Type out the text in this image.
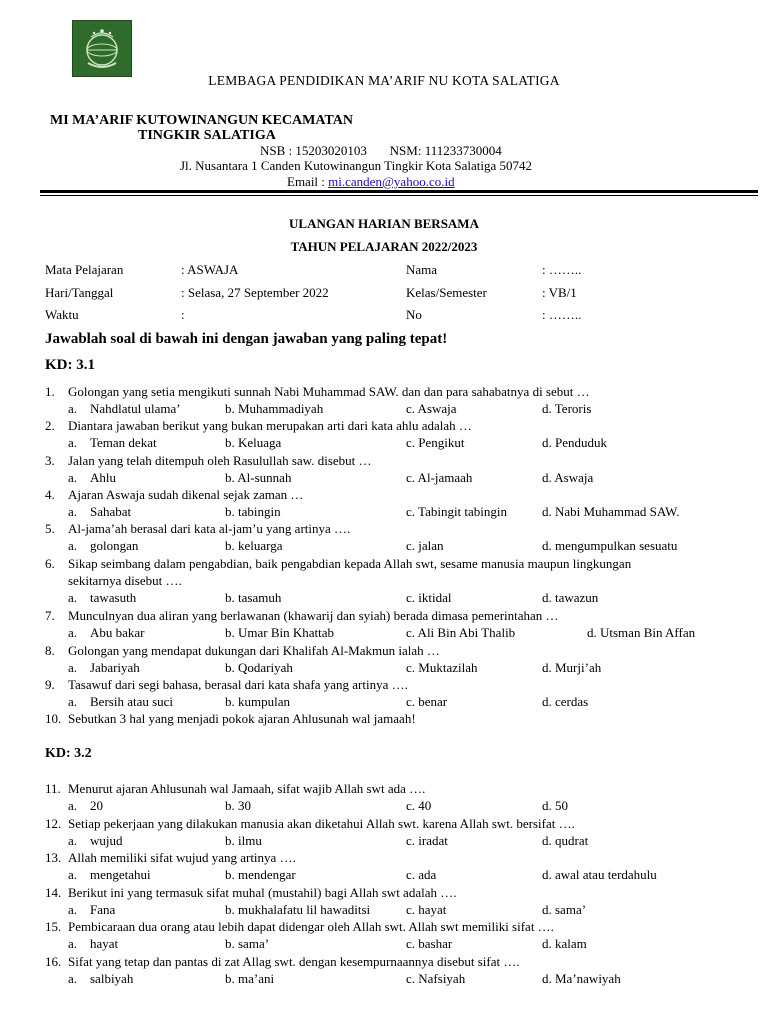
LEMBAGA PENDIDIKAN MA’ARIF NU KOTA SALATIGA
MI MA’ARIF KUTOWINANGUN KECAMATAN
TINGKIR SALATIGA
NSB : 15203020103       NSM: 111233730004
Jl. Nusantara 1 Canden Kutowinangun Tingkir Kota Salatiga 50742
Email : mi.canden@yahoo.co.id
ULANGAN HARIAN BERSAMA
TAHUN PELAJARAN 2022/2023
Mata Pelajaran	: ASWAJA	Nama	: ……..
Hari/Tanggal	: Selasa, 27 September 2022	Kelas/Semester	: VB/1
Waktu	:	No	: ……..
Jawablah soal di bawah ini dengan jawaban yang paling tepat!
KD: 3.1
KD: 3.2
1. Golongan yang setia mengikuti sunnah Nabi Muhammad SAW. dan dan para sahabatnya di sebut …
a. Nahdlatul ulama’	b. Muhammadiyah	c. Aswaja	d. Teroris
2. Diantara jawaban berikut yang bukan merupakan arti dari kata ahlu adalah …
a. Teman dekat	b. Keluaga	c. Pengikut	d. Penduduk
3. Jalan yang telah ditempuh oleh Rasulullah saw. disebut …
a. Ahlu	b. Al-sunnah	c. Al-jamaah	d. Aswaja
4. Ajaran Aswaja sudah dikenal sejak zaman …
a. Sahabat	b. tabingin	c. Tabingit tabingin	d. Nabi Muhammad SAW.
5. Al-jama’ah berasal dari kata al-jam’u yang artinya ….
a. golongan	b. keluarga	c. jalan	d. mengumpulkan sesuatu
6. Sikap seimbang dalam pengabdian, baik pengabdian kepada Allah swt, sesame manusia maupun lingkungan
sekitarnya disebut ….
a. tawasuth	b. tasamuh	c. iktidal	d. tawazun
7. Munculnyan dua aliran yang berlawanan (khawarij dan syiah) berada dimasa pemerintahan …
a. Abu bakar	b. Umar Bin Khattab	c. Ali Bin Abi Thalib	d. Utsman Bin Affan
8. Golongan yang mendapat dukungan dari Khalifah Al-Makmun ialah …
a. Jabariyah	b. Qodariyah	c. Muktazilah	d. Murji’ah
9. Tasawuf dari segi bahasa, berasal dari kata shafa yang artinya ….
a. Bersih atau suci	b. kumpulan	c. benar	d. cerdas
10. Sebutkan 3 hal yang menjadi pokok ajaran Ahlusunah wal jamaah!
11. Menurut ajaran Ahlusunah wal Jamaah, sifat wajib Allah swt ada ….
a. 20	b. 30	c. 40	d. 50
12. Setiap pekerjaan yang dilakukan manusia akan diketahui Allah swt. karena Allah swt. bersifat ….
a. wujud	b. ilmu	c. iradat	d. qudrat
13. Allah memiliki sifat wujud yang artinya ….
a. mengetahui	b. mendengar	c. ada	d. awal atau terdahulu
14. Berikut ini yang termasuk sifat muhal (mustahil) bagi Allah swt adalah ….
a. Fana	b. mukhalafatu lil hawaditsi	c. hayat	d. sama’
15. Pembicaraan dua orang atau lebih dapat didengar oleh Allah swt. Allah swt memiliki sifat ….
a. hayat	b. sama’	c. bashar	d. kalam
16. Sifat yang tetap dan pantas di zat Allag swt. dengan kesempurnaannya disebut sifat ….
a. salbiyah	b. ma’ani	c. Nafsiyah	d. Ma’nawiyah
